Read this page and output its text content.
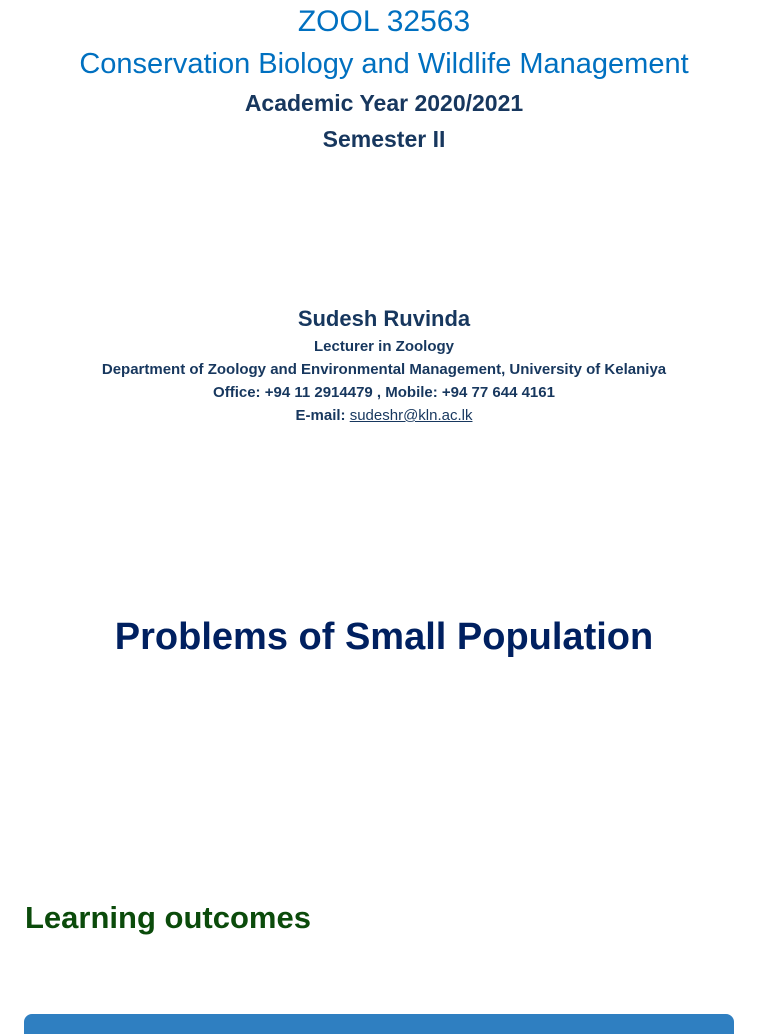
ZOOL 32563
Conservation Biology and Wildlife Management
Academic Year 2020/2021
Semester II
Sudesh Ruvinda
Lecturer in Zoology
Department of Zoology and Environmental Management, University of Kelaniya
Office: +94 11 2914479 , Mobile: +94 77 644 4161
E-mail: sudeshr@kln.ac.lk
Problems of Small Population
Learning outcomes
